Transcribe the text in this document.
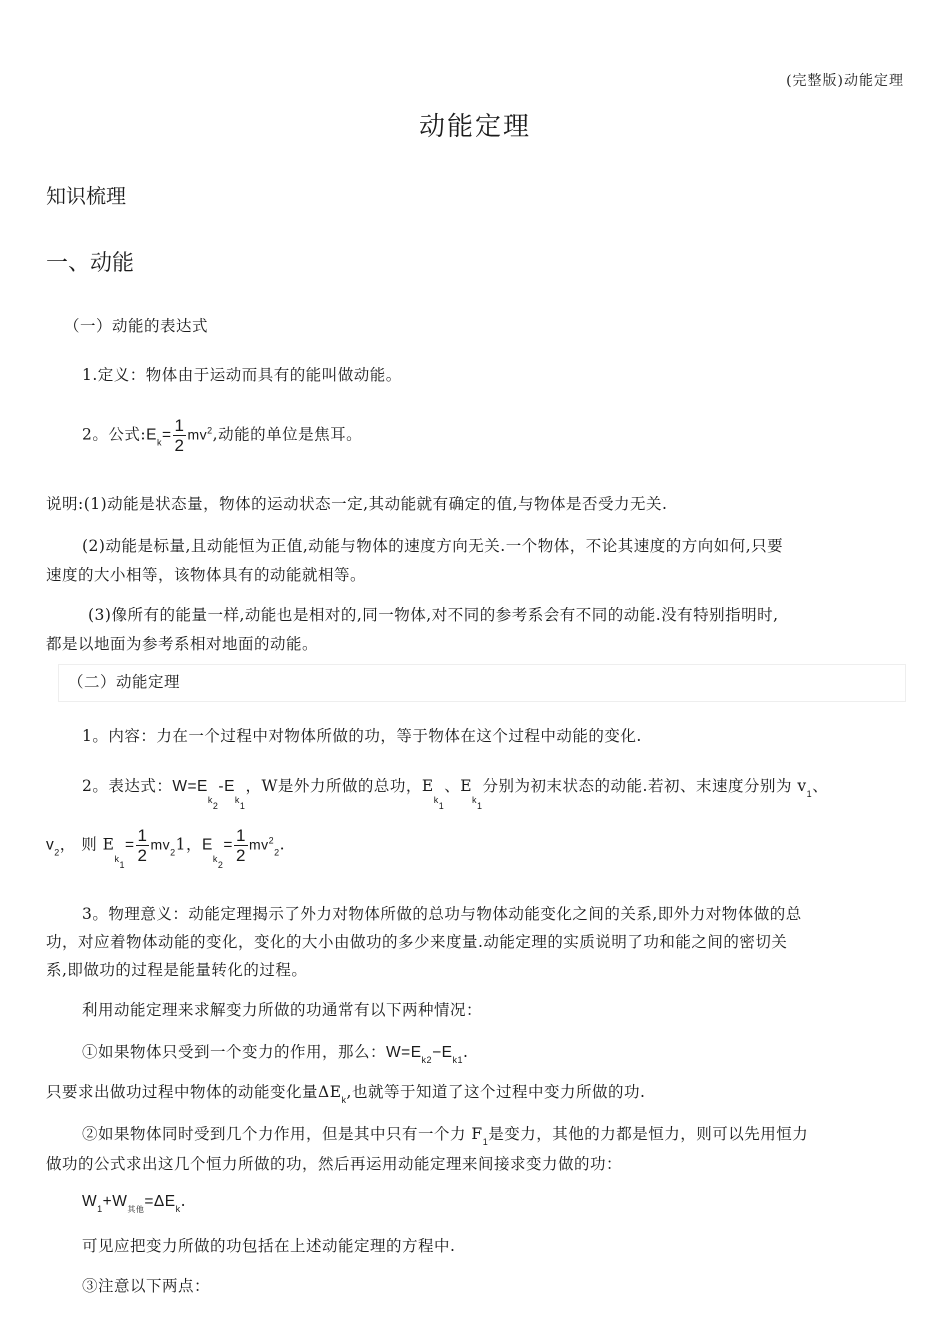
(完整版)动能定理
动能定理
知识梳理
一、动能
（一）动能的表达式
1.定义：物体由于运动而具有的能叫做动能。
2。公式$:E_k= \frac{1}{2} mv^2$,动能的单位是焦耳。
说明:(1)动能是状态量，物体的运动状态一定,其动能就有确定的值,与物体是否受力无关.
(2)动能是标量,且动能恒为正值,动能与物体的速度方向无关.一个物体，不论其速度的方向如何,只要
速度的大小相等，该物体具有的动能就相等。
(3)像所有的能量一样,动能也是相对的,同一物体,对不同的参考系会有不同的动能.没有特别指明时,
都是以地面为参考系相对地面的动能。
（二）动能定理
1。内容：力在一个过程中对物体所做的功，等于物体在这个过程中动能的变化.
2。表达式：$W=E_{k_2}-E_{k_1}$，W是外力所做的总功，$E_{k_1}$、$E_{k_1}$分别为初末状态的动能.若初、末速度分别为 $v_1$、
$v_2$， 则 $E_{k_1}= \frac{1}{2} mv_21$，$E_{k_2}= \frac{1}{2} mv^2_2$.
3。物理意义：动能定理揭示了外力对物体所做的总功与物体动能变化之间的关系,即外力对物体做的总
功，对应着物体动能的变化，变化的大小由做功的多少来度量.动能定理的实质说明了功和能之间的密切关
系,即做功的过程是能量转化的过程。
利用动能定理来求解变力所做的功通常有以下两种情况：
①如果物体只受到一个变力的作用，那么：$W=E_{k2}-E_{k1}$.
只要求出做功过程中物体的动能变化量$\Delta E_k$,也就等于知道了这个过程中变力所做的功.
②如果物体同时受到几个力作用，但是其中只有一个力 $F_1$是变力，其他的力都是恒力，则可以先用恒力
做功的公式求出这几个恒力所做的功，然后再运用动能定理来间接求变力做的功：
$W_1+W_{其他}=\Delta E_k$.
可见应把变力所做的功包括在上述动能定理的方程中.
③注意以下两点：
